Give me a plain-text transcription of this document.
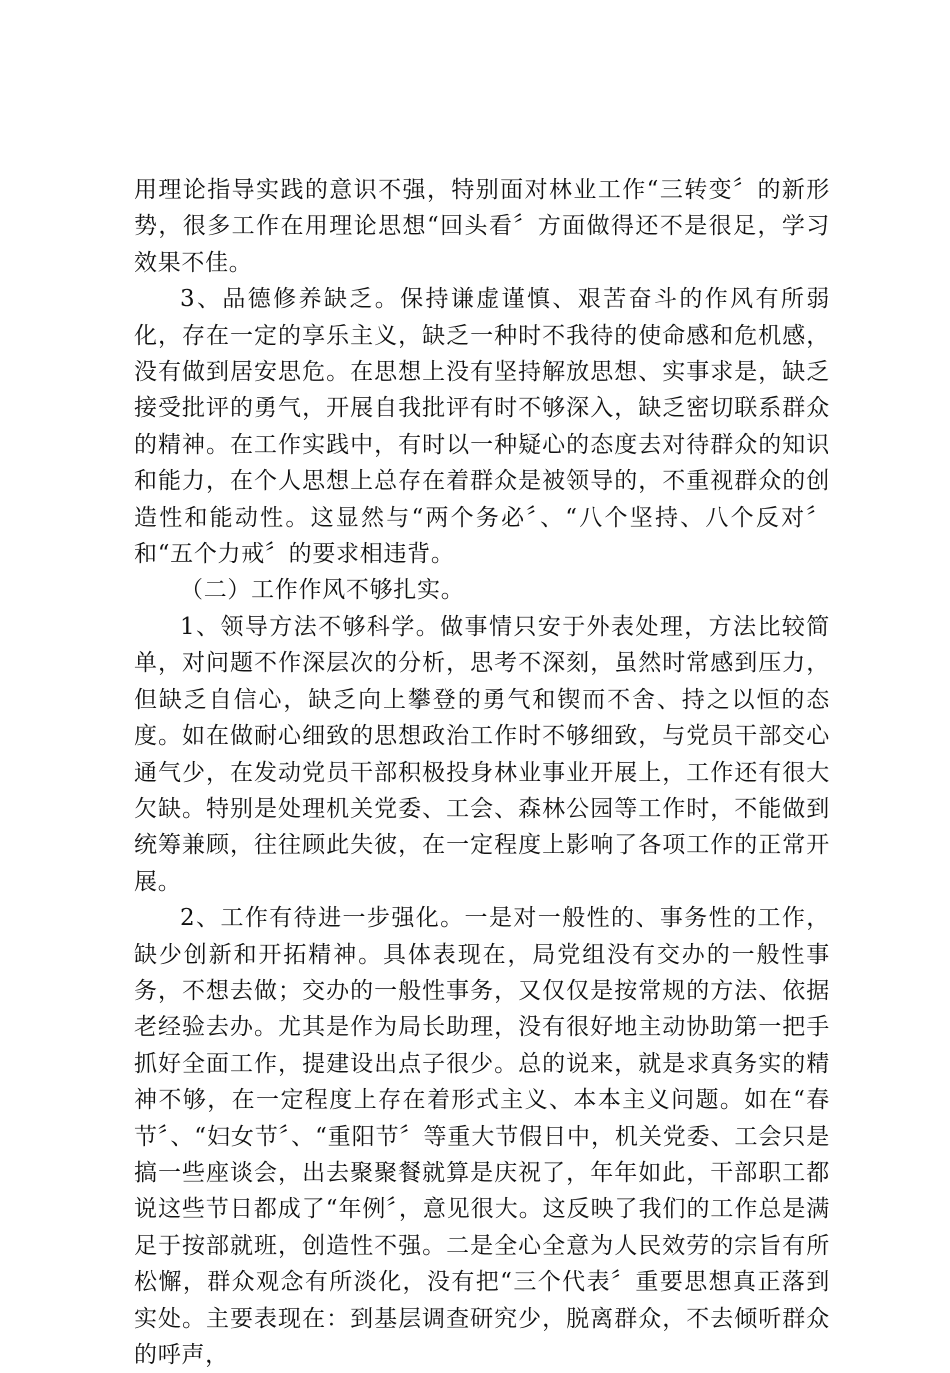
用理论指导实践的意识不强，特别面对林业工作“三转变〞的新形势，很多工作在用理论思想“回头看〞方面做得还不是很足，学习效果不佳。

3、品德修养缺乏。保持谦虚谨慎、艰苦奋斗的作风有所弱化，存在一定的享乐主义，缺乏一种时不我待的使命感和危机感，没有做到居安思危。在思想上没有坚持解放思想、实事求是，缺乏接受批评的勇气，开展自我批评有时不够深入，缺乏密切联系群众的精神。在工作实践中，有时以一种疑心的态度去对待群众的知识和能力，在个人思想上总存在着群众是被领导的，不重视群众的创造性和能动性。这显然与“两个务必〞、“八个坚持、八个反对〞和“五个力戒〞的要求相违背。

（二）工作作风不够扎实。

1、领导方法不够科学。做事情只安于外表处理，方法比较简单，对问题不作深层次的分析，思考不深刻，虽然时常感到压力，但缺乏自信心，缺乏向上攀登的勇气和锲而不舍、持之以恒的态度。如在做耐心细致的思想政治工作时不够细致，与党员干部交心通气少，在发动党员干部积极投身林业事业开展上，工作还有很大欠缺。特别是处理机关党委、工会、森林公园等工作时，不能做到统筹兼顾，往往顾此失彼，在一定程度上影响了各项工作的正常开展。

2、工作有待进一步强化。一是对一般性的、事务性的工作，缺少创新和开拓精神。具体表现在，局党组没有交办的一般性事务，不想去做；交办的一般性事务，又仅仅是按常规的方法、依据老经验去办。尤其是作为局长助理，没有很好地主动协助第一把手抓好全面工作，提建设出点子很少。总的说来，就是求真务实的精神不够，在一定程度上存在着形式主义、本本主义问题。如在“春节〞、“妇女节〞、“重阳节〞等重大节假日中，机关党委、工会只是搞一些座谈会，出去聚聚餐就算是庆祝了，年年如此，干部职工都说这些节日都成了“年例〞，意见很大。这反映了我们的工作总是满足于按部就班，创造性不强。二是全心全意为人民效劳的宗旨有所松懈，群众观念有所淡化，没有把“三个代表〞重要思想真正落到实处。主要表现在：到基层调查研究少，脱离群众，不去倾听群众的呼声，
